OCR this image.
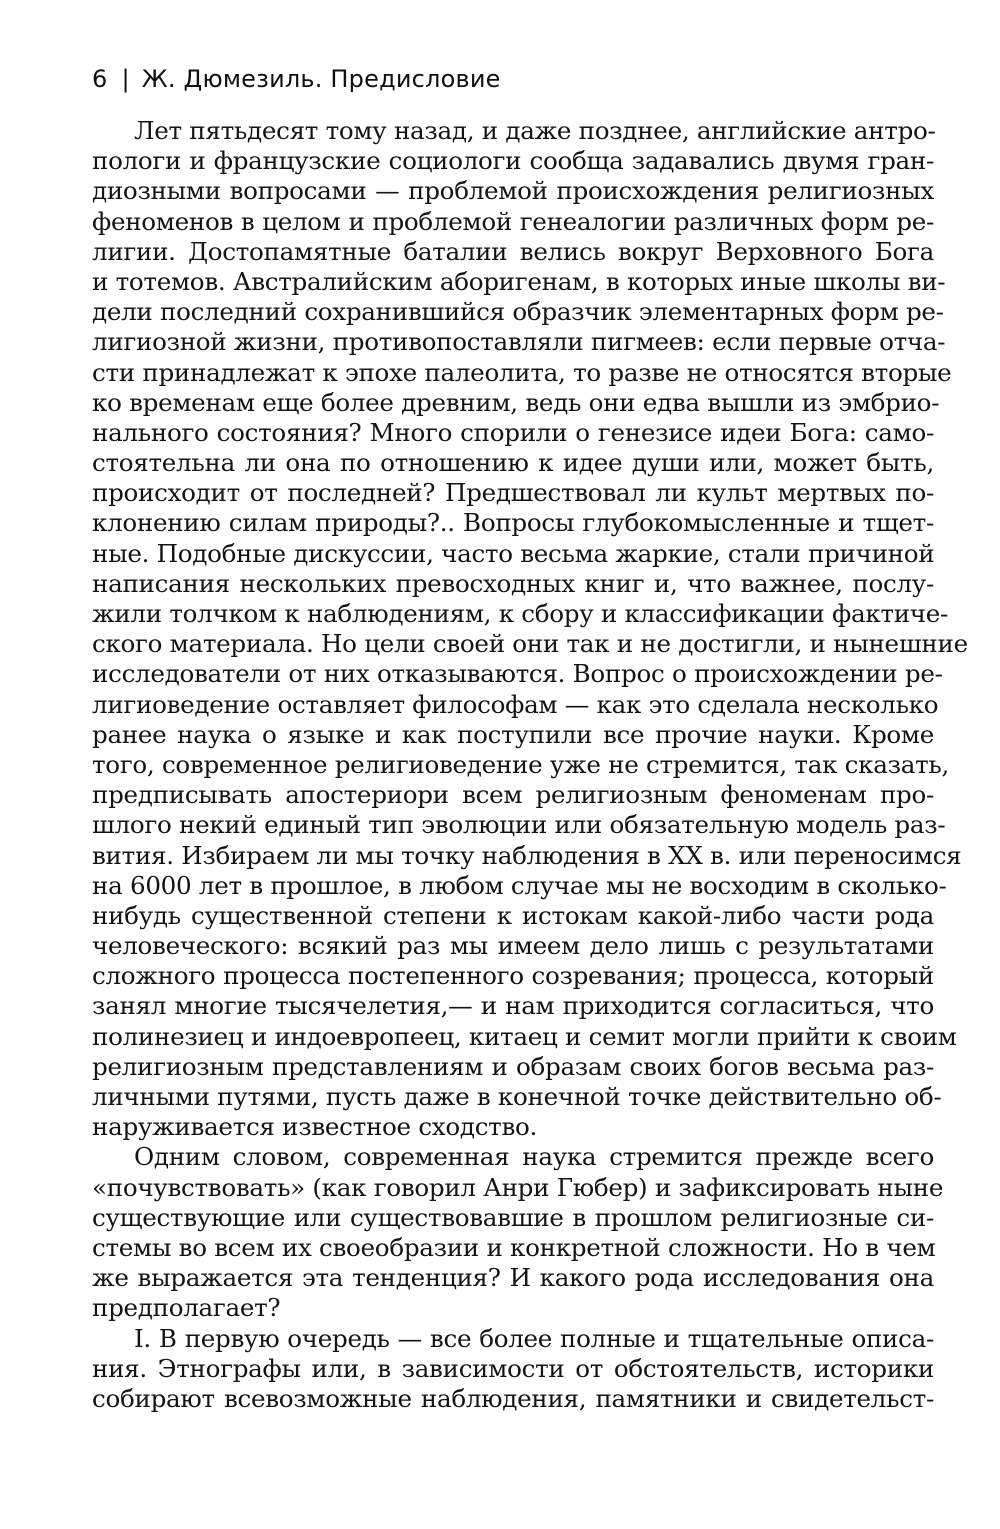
6 | Ж. Дюмезиль. Предисловие
Лет пятьдесят тому назад, и даже позднее, английские антро-
пологи и французские социологи сообща задавались двумя гран-
диозными вопросами — проблемой происхождения религиозных
феноменов в целом и проблемой генеалогии различных форм ре-
лигии. Достопамятные баталии велись вокруг Верховного Бога
и тотемов. Австралийским аборигенам, в которых иные школы ви-
дели последний сохранившийся образчик элементарных форм ре-
лигиозной жизни, противопоставляли пигмеев: если первые отча-
сти принадлежат к эпохе палеолита, то разве не относятся вторые
ко временам еще более древним, ведь они едва вышли из эмбрио-
нального состояния? Много спорили о генезисе идеи Бога: само-
стоятельна ли она по отношению к идее души или, может быть,
происходит от последней? Предшествовал ли культ мертвых по-
клонению силам природы?.. Вопросы глубокомысленные и тщет-
ные. Подобные дискуссии, часто весьма жаркие, стали причиной
написания нескольких превосходных книг и, что важнее, послу-
жили толчком к наблюдениям, к сбору и классификации фактиче-
ского материала. Но цели своей они так и не достигли, и нынешние
исследователи от них отказываются. Вопрос о происхождении ре-
лигиоведение оставляет философам — как это сделала несколько
ранее наука о языке и как поступили все прочие науки. Кроме
того, современное религиоведение уже не стремится, так сказать,
предписывать апостериори всем религиозным феноменам про-
шлого некий единый тип эволюции или обязательную модель раз-
вития. Избираем ли мы точку наблюдения в XX в. или переносимся
на 6000 лет в прошлое, в любом случае мы не восходим в сколько-
нибудь существенной степени к истокам какой-либо части рода
человеческого: всякий раз мы имеем дело лишь с результатами
сложного процесса постепенного созревания; процесса, который
занял многие тысячелетия,— и нам приходится согласиться, что
полинезиец и индоевропеец, китаец и семит могли прийти к своим
религиозным представлениям и образам своих богов весьма раз-
личными путями, пусть даже в конечной точке действительно об-
наруживается известное сходство.
Одним словом, современная наука стремится прежде всего
«почувствовать» (как говорил Анри Гюбер) и зафиксировать ныне
существующие или существовавшие в прошлом религиозные си-
стемы во всем их своеобразии и конкретной сложности. Но в чем
же выражается эта тенденция? И какого рода исследования она
предполагает?
I. В первую очередь — все более полные и тщательные описа-
ния. Этнографы или, в зависимости от обстоятельств, историки
собирают всевозможные наблюдения, памятники и свидетельст-
